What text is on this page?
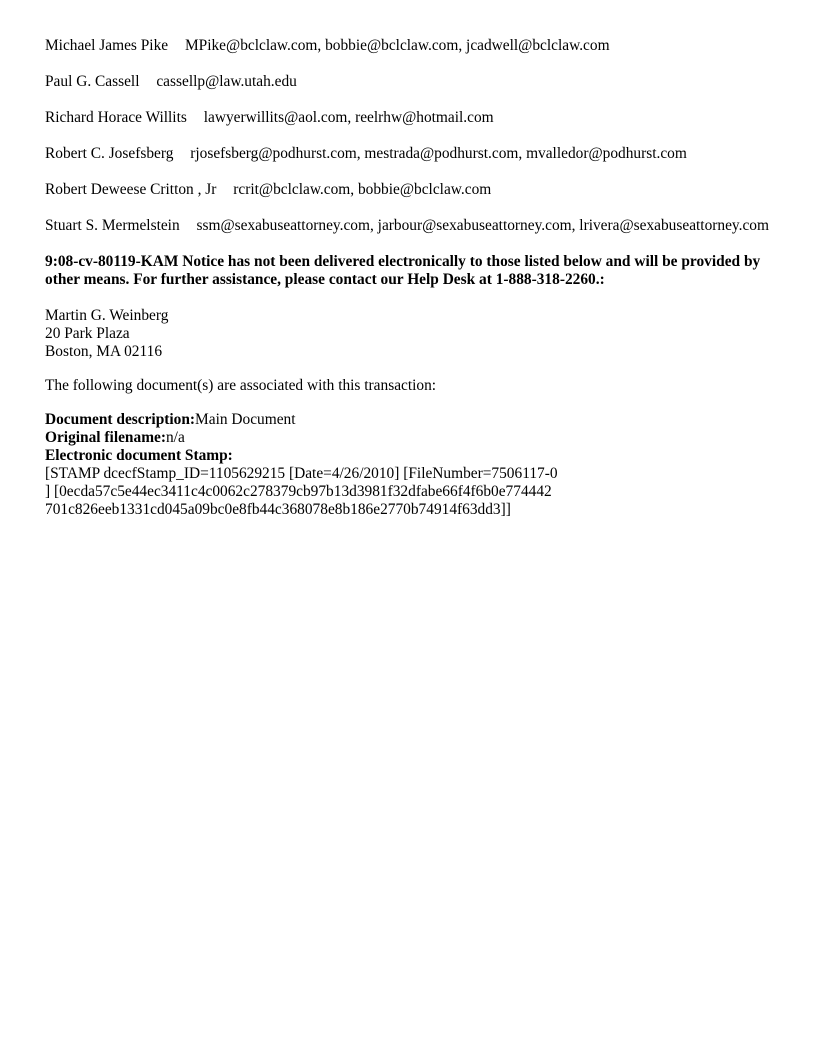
Michael James Pike MPike@bclclaw.com, bobbie@bclclaw.com, jcadwell@bclclaw.com
Paul G. Cassell cassellp@law.utah.edu
Richard Horace Willits lawyerwillits@aol.com, reelrhw@hotmail.com
Robert C. Josefsberg rjosefsberg@podhurst.com, mestrada@podhurst.com, mvalledor@podhurst.com
Robert Deweese Critton , Jr rcrit@bclclaw.com, bobbie@bclclaw.com
Stuart S. Mermelstein ssm@sexabuseattorney.com, jarbour@sexabuseattorney.com, lrivera@sexabuseattorney.com
9:08-cv-80119-KAM Notice has not been delivered electronically to those listed below and will be provided by other means. For further assistance, please contact our Help Desk at 1-888-318-2260.:
Martin G. Weinberg
20 Park Plaza
Boston, MA 02116
The following document(s) are associated with this transaction:
Document description:Main Document
Original filename:n/a
Electronic document Stamp:
[STAMP dcecfStamp_ID=1105629215 [Date=4/26/2010] [FileNumber=7506117-0
] [0ecda57c5e44ec3411c4c0062c278379cb97b13d3981f32dfabe66f4f6b0e774442
701c826eeb1331cd045a09bc0e8fb44c368078e8b186e2770b74914f63dd3]]
